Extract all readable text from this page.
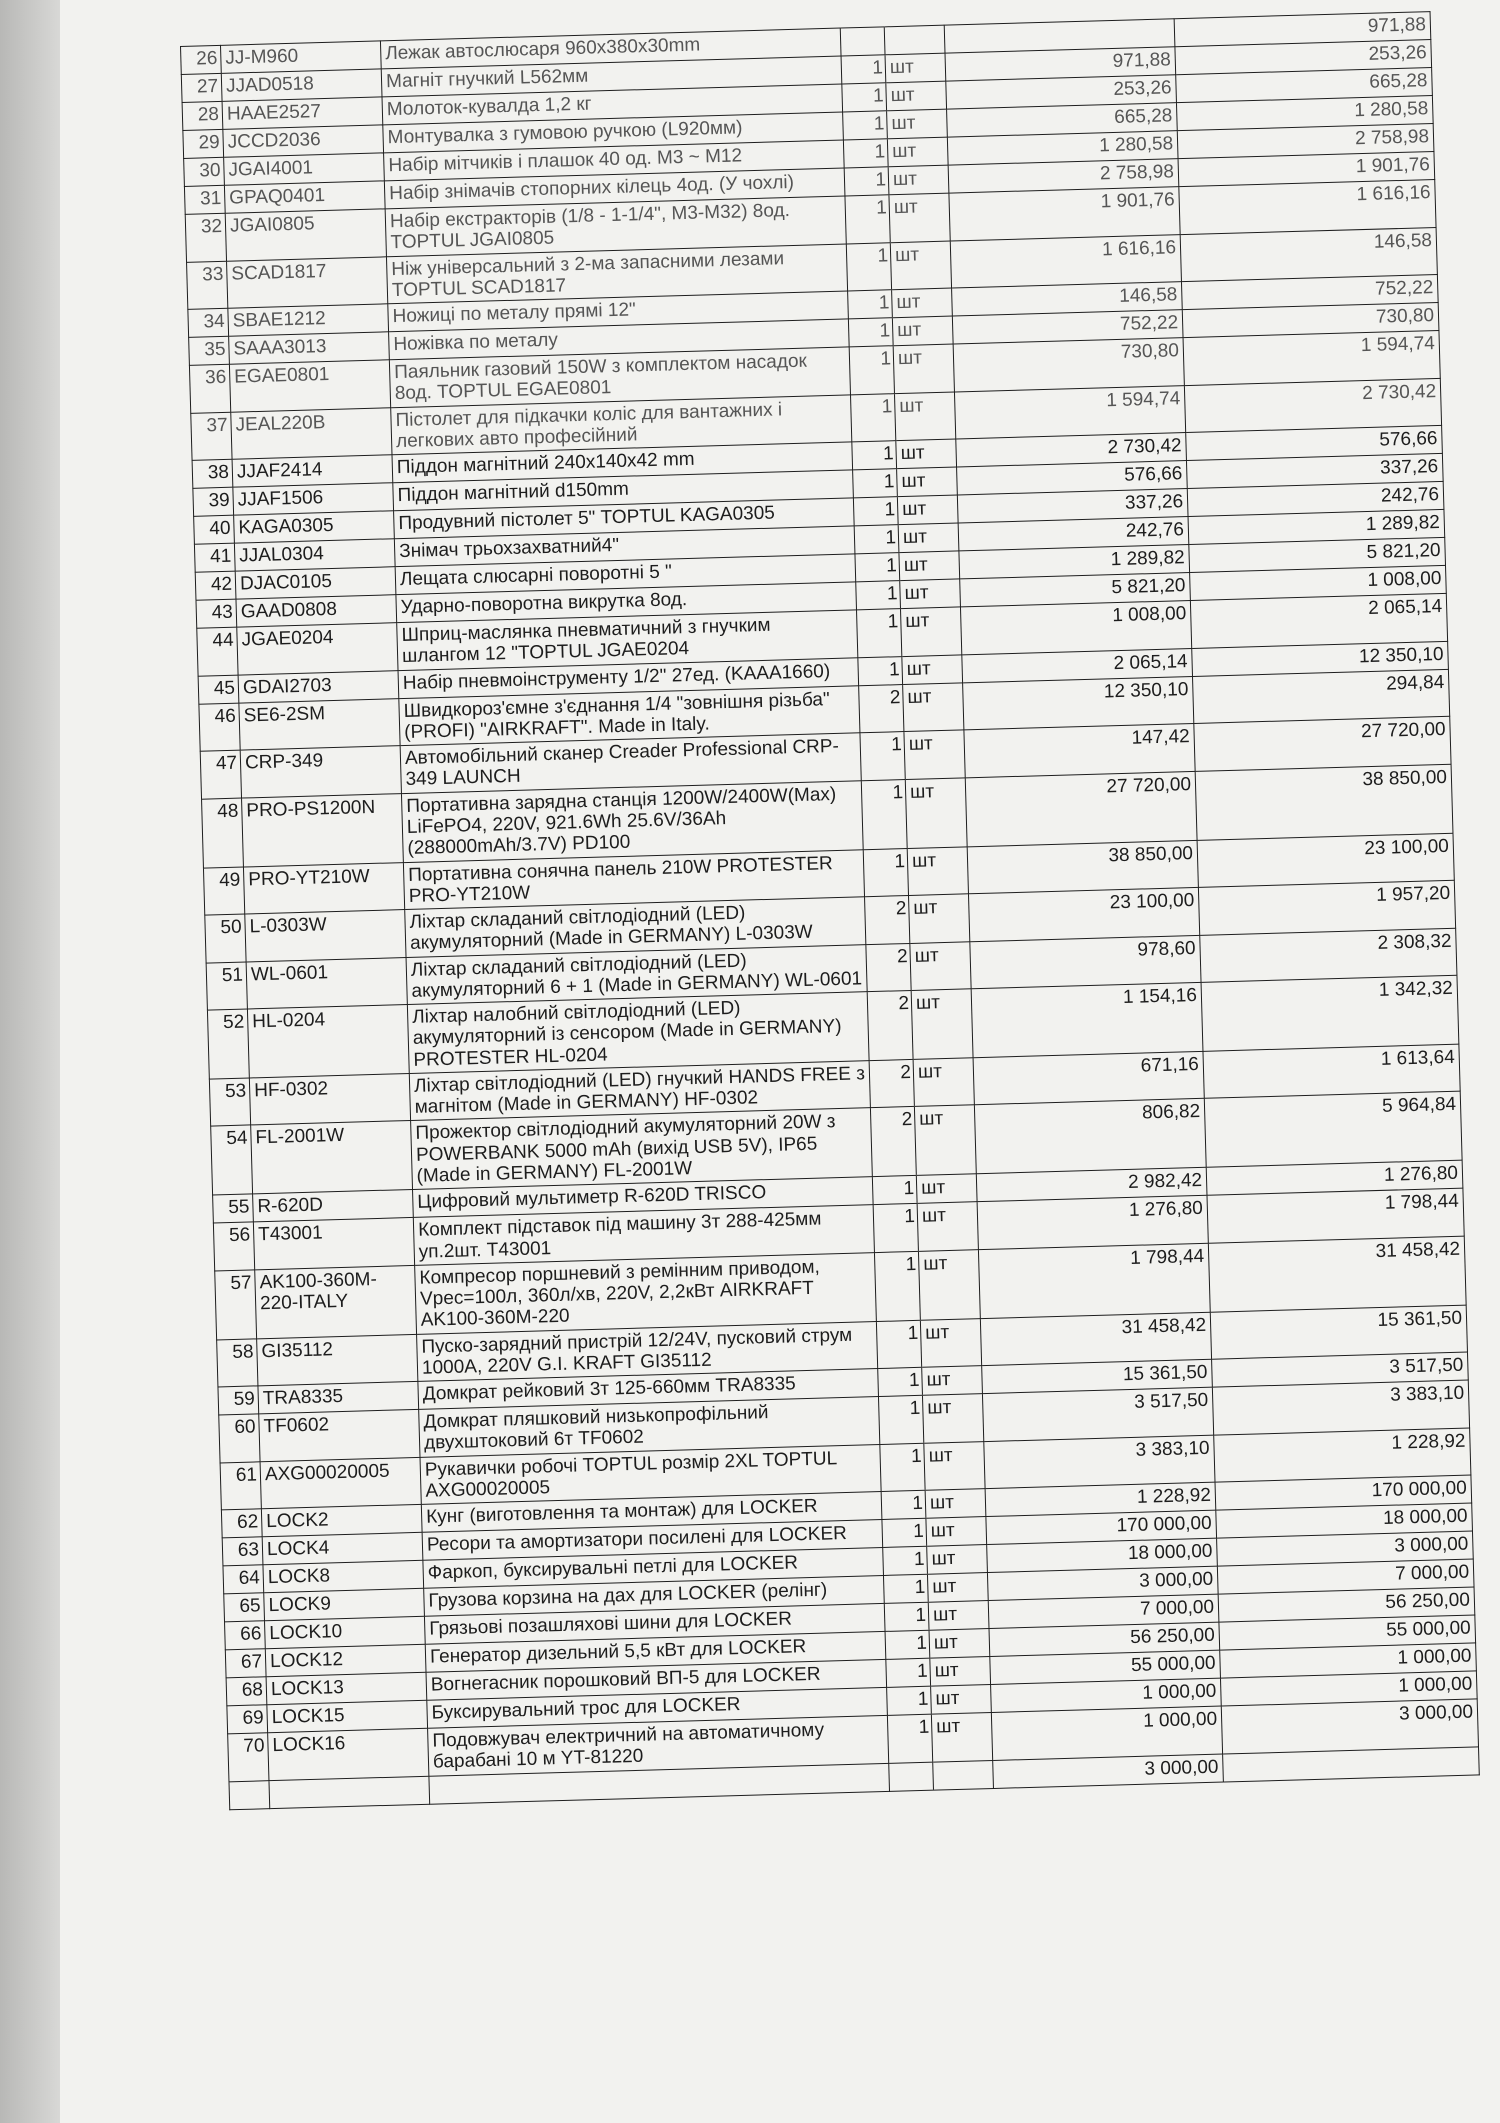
26	JJ-M960	Лежак автослюсаря 960x380x30mm				971,88
27	JJAD0518	Магніт гнучкий L562мм	1	шт	971,88	253,26
28	HAAE2527	Молоток-кувалда 1,2 кг	1	шт	253,26	665,28
29	JCCD2036	Монтувалка з гумовою ручкою (L920мм)	1	шт	665,28	1 280,58
30	JGAI4001	Набір мітчиків і плашок 40 од. M3 ~ M12	1	шт	1 280,58	2 758,98
31	GPAQ0401	Набір знімачів стопорних кілець 4од. (У чохлі)	1	шт	2 758,98	1 901,76
32	JGAI0805	Набір екстракторів (1/8 - 1-1/4", M3-M32) 8од. TOPTUL JGAI0805	1	шт	1 901,76	1 616,16
33	SCAD1817	Ніж універсальний з 2-ма запасними лезами TOPTUL SCAD1817	1	шт	1 616,16	146,58
34	SBAE1212	Ножиці по металу прямі 12"	1	шт	146,58	752,22
35	SAAA3013	Ножівка по металу	1	шт	752,22	730,80
36	EGAE0801	Паяльник газовий 150W з комплектом насадок 8од. TOPTUL EGAE0801	1	шт	730,80	1 594,74
37	JEAL220B	Пістолет для підкачки коліс для вантажних і легкових авто професійний	1	шт	1 594,74	2 730,42
38	JJAF2414	Піддон магнітний 240x140x42 mm	1	шт	2 730,42	576,66
39	JJAF1506	Піддон магнітний d150mm	1	шт	576,66	337,26
40	KAGA0305	Продувний пістолет 5" TOPTUL KAGA0305	1	шт	337,26	242,76
41	JJAL0304	Знімач трьохзахватний4"	1	шт	242,76	1 289,82
42	DJAC0105	Лещата слюсарні поворотні 5 "	1	шт	1 289,82	5 821,20
43	GAAD0808	Ударно-поворотна викрутка 8од.	1	шт	5 821,20	1 008,00
44	JGAE0204	Шприц-маслянка пневматичний з гнучким шлангом 12 "TOPTUL JGAE0204	1	шт	1 008,00	2 065,14
45	GDAI2703	Набір пневмоінструменту 1/2" 27ед. (KAAA1660)	1	шт	2 065,14	12 350,10
46	SE6-2SM	Швидкороз'ємне з'єднання 1/4 "зовнішня різьба" (PROFI) "AIRKRAFT". Made in Italy.	2	шт	12 350,10	294,84
47	CRP-349	Автомобільний сканер Creader Professional CRP-349 LAUNCH	1	шт	147,42	27 720,00
48	PRO-PS1200N	Портативна зарядна станція 1200W/2400W(Max) LiFePO4, 220V, 921.6Wh 25.6V/36Ah (288000mAh/3.7V) PD100	1	шт	27 720,00	38 850,00
49	PRO-YT210W	Портативна сонячна панель 210W PROTESTER PRO-YT210W	1	шт	38 850,00	23 100,00
50	L-0303W	Ліхтар складаний світлодіодний (LED) акумуляторний (Made in GERMANY) L-0303W	2	шт	23 100,00	1 957,20
51	WL-0601	Ліхтар складаний світлодіодний (LED) акумуляторний 6 + 1 (Made in GERMANY) WL-0601	2	шт	978,60	2 308,32
52	HL-0204	Ліхтар налобний світлодіодний (LED) акумуляторний із сенсором (Made in GERMANY) PROTESTER HL-0204	2	шт	1 154,16	1 342,32
53	HF-0302	Ліхтар світлодіодний (LED) гнучкий HANDS FREE з магнітом (Made in GERMANY) HF-0302	2	шт	671,16	1 613,64
54	FL-2001W	Прожектор світлодіодний акумуляторний 20W з POWERBANK 5000 mAh (вихід USB 5V), IP65 (Made in GERMANY) FL-2001W	2	шт	806,82	5 964,84
55	R-620D	Цифровий мультиметр R-620D TRISCO	1	шт	2 982,42	1 276,80
56	T43001	Комплект підставок під машину 3т 288-425мм уп.2шт. T43001	1	шт	1 276,80	1 798,44
57	AK100-360M-220-ITALY	Компресор поршневий з ремінним приводом, Vрес=100л, 360л/хв, 220V, 2,2кВт AIRKRAFT AK100-360M-220	1	шт	1 798,44	31 458,42
58	GI35112	Пуско-зарядний пристрій 12/24V, пусковий струм 1000A, 220V G.I. KRAFT GI35112	1	шт	31 458,42	15 361,50
59	TRA8335	Домкрат рейковий 3т 125-660мм TRA8335	1	шт	15 361,50	3 517,50
60	TF0602	Домкрат пляшковий низькопрофільний двухштоковий 6т TF0602	1	шт	3 517,50	3 383,10
61	AXG00020005	Рукавички робочі TOPTUL розмір 2XL TOPTUL AXG00020005	1	шт	3 383,10	1 228,92
62	LOCK2	Кунг (виготовлення та монтаж) для LOCKER	1	шт	1 228,92	170 000,00
63	LOCK4	Ресори та амортизатори посилені для LOCKER	1	шт	170 000,00	18 000,00
64	LOCK8	Фаркоп, буксирувальні петлі для LOCKER	1	шт	18 000,00	3 000,00
65	LOCK9	Грузова корзина на дах для LOCKER (релінг)	1	шт	3 000,00	7 000,00
66	LOCK10	Грязьові позашляхові шини для LOCKER	1	шт	7 000,00	56 250,00
67	LOCK12	Генератор дизельний 5,5 кВт для LOCKER	1	шт	56 250,00	55 000,00
68	LOCK13	Вогнегасник порошковий ВП-5 для LOCKER	1	шт	55 000,00	1 000,00
69	LOCK15	Буксирувальний трос для LOCKER	1	шт	1 000,00	1 000,00
70	LOCK16	Подовжувач електричний на автоматичному барабані 10 м YT-81220	1	шт	1 000,00	3 000,00
					3 000,00	
